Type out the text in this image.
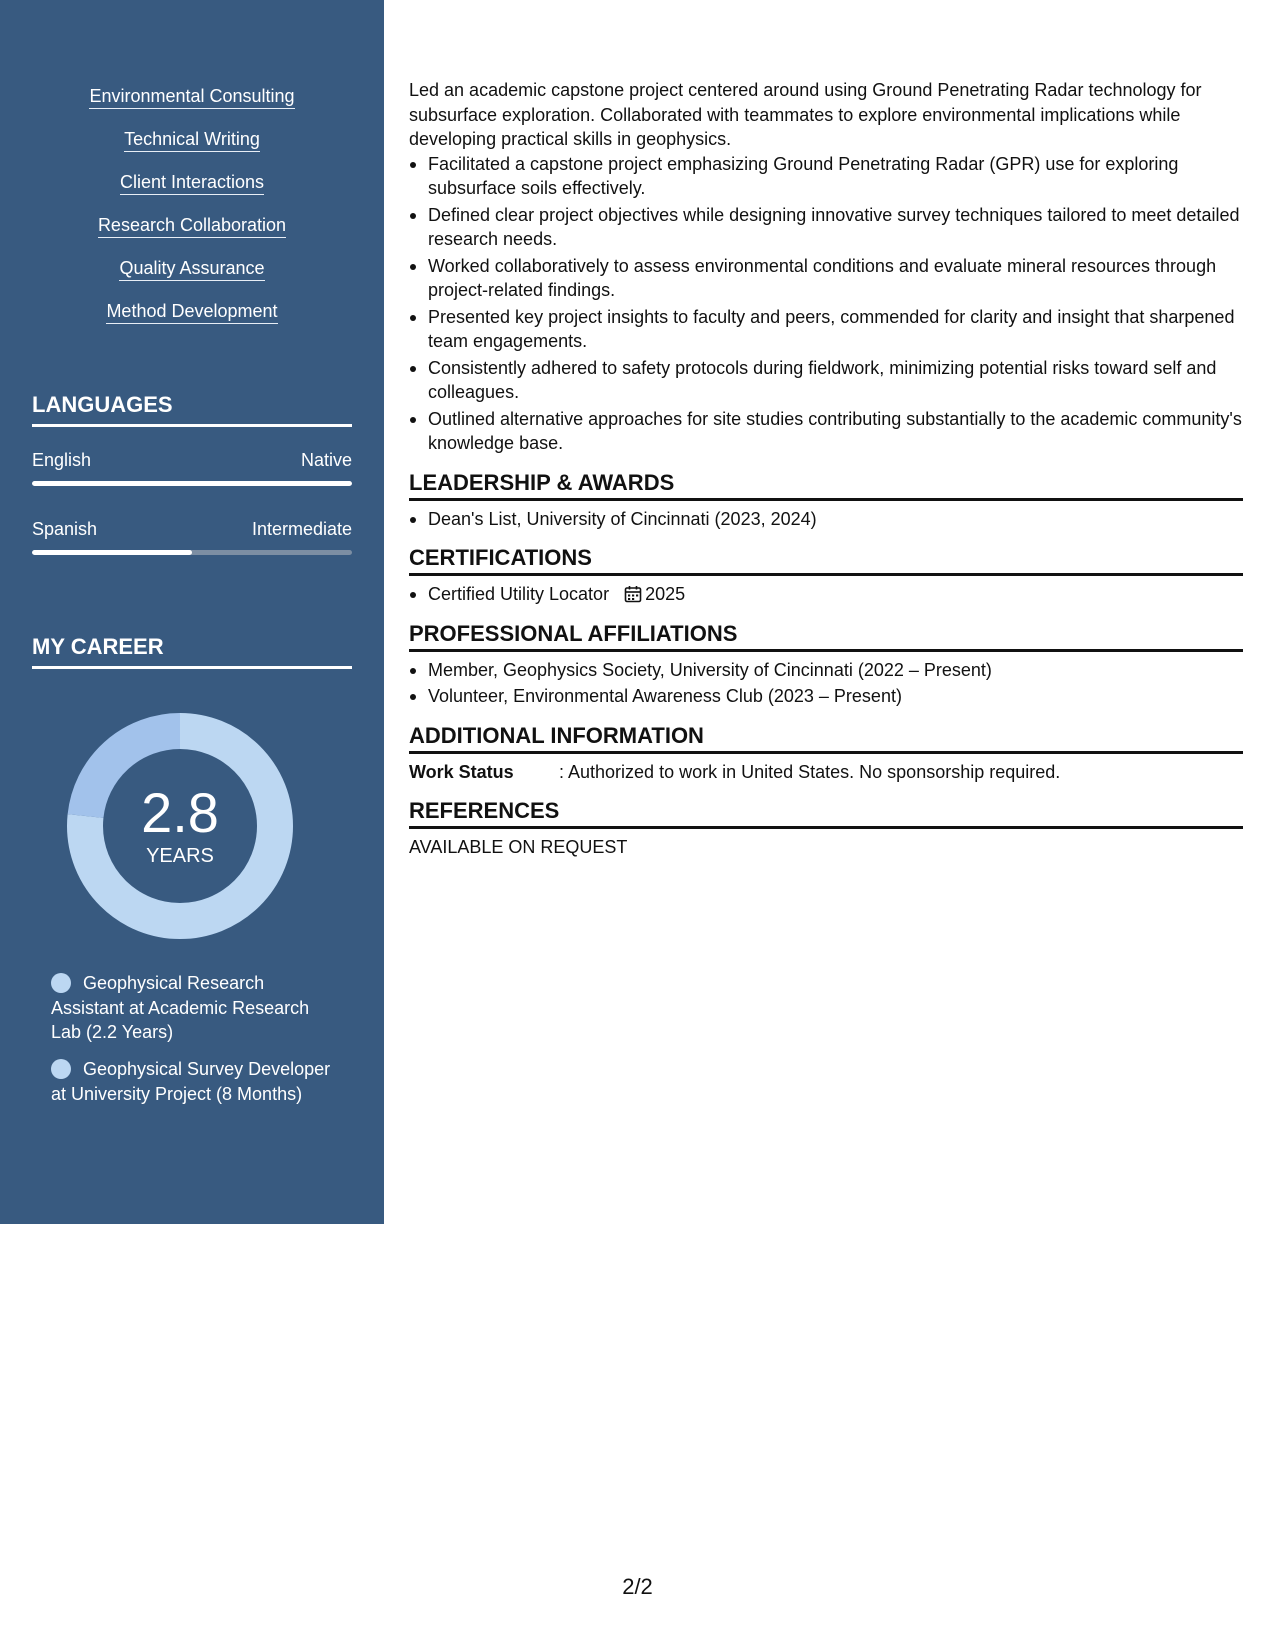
Environmental Consulting
Technical Writing
Client Interactions
Research Collaboration
Quality Assurance
Method Development
LANGUAGES
English	Native
Spanish	Intermediate
MY CAREER
2.8
YEARS
Geophysical Research Assistant at Academic Research Lab (2.2 Years)
Geophysical Survey Developer at University Project (8 Months)

Led an academic capstone project centered around using Ground Penetrating Radar technology for subsurface exploration. Collaborated with teammates to explore environmental implications while developing practical skills in geophysics.

Facilitated a capstone project emphasizing Ground Penetrating Radar (GPR) use for exploring subsurface soils effectively.
Defined clear project objectives while designing innovative survey techniques tailored to meet detailed research needs.
Worked collaboratively to assess environmental conditions and evaluate mineral resources through project-related findings.
Presented key project insights to faculty and peers, commended for clarity and insight that sharpened team engagements.
Consistently adhered to safety protocols during fieldwork, minimizing potential risks toward self and colleagues.
Outlined alternative approaches for site studies contributing substantially to the academic community's knowledge base.
LEADERSHIP & AWARDS
Dean's List, University of Cincinnati (2023, 2024)
CERTIFICATIONS
Certified Utility Locator 2025
PROFESSIONAL AFFILIATIONS
Member, Geophysics Society, University of Cincinnati (2022 – Present)
Volunteer, Environmental Awareness Club (2023 – Present)
ADDITIONAL INFORMATION
Work Status	: Authorized to work in United States. No sponsorship required.
REFERENCES
AVAILABLE ON REQUEST
2/2
